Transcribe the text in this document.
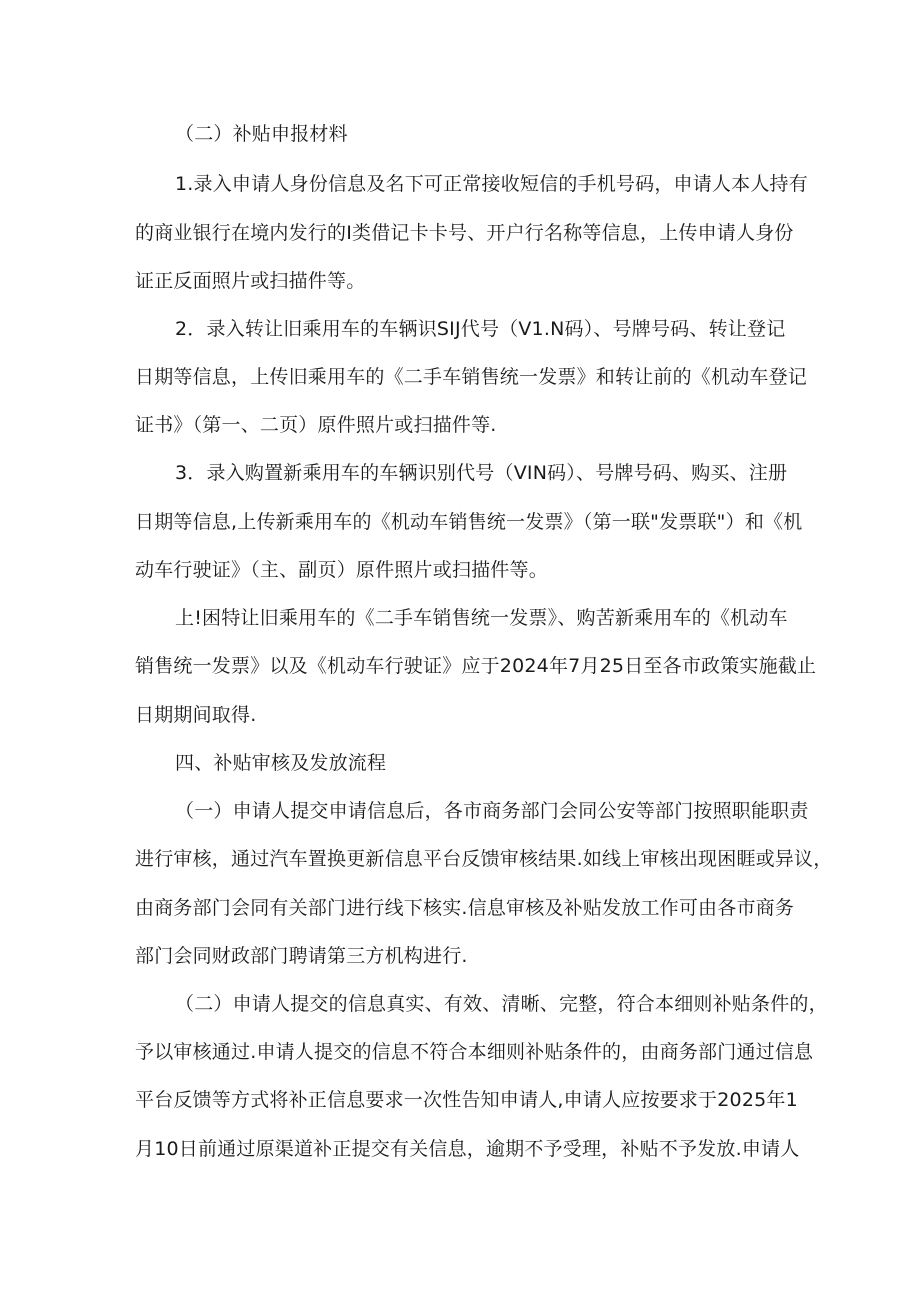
（二）补贴申报材料
1.录入申请人身份信息及名下可正常接收短信的手机号码，申请人本人持有
的商业银行在境内发行的I类借记卡卡号、开户行名称等信息，上传申请人身份
证正反面照片或扫描件等。
2．录入转让旧乘用车的车辆识SIJ代号（V1.N码）、号牌号码、转让登记
日期等信息，上传旧乘用车的《二手车销售统一发票》和转让前的《机动车登记
证书》（第一、二页）原件照片或扫描件等.
3．录入购置新乘用车的车辆识别代号（VIN码）、号牌号码、购买、注册
日期等信息,上传新乘用车的《机动车销售统一发票》（第一联"发票联"）和《机
动车行驶证》（主、副页）原件照片或扫描件等。
上!困特让旧乘用车的《二手车销售统一发票》、购苦新乘用车的《机动车
销售统一发票》以及《机动车行驶证》应于2024年7月25日至各市政策实施截止
日期期间取得.
四、补贴审核及发放流程
（一）申请人提交申请信息后，各市商务部门会同公安等部门按照职能职责
进行审核，通过汽车置换更新信息平台反馈审核结果.如线上审核出现困睚或异议，
由商务部门会同有关部门进行线下核实.信息审核及补贴发放工作可由各市商务
部门会同财政部门聘请第三方机构进行.
（二）申请人提交的信息真实、有效、清晰、完整，符合本细则补贴条件的，
予以审核通过.申请人提交的信息不符合本细则补贴条件的，由商务部门通过信息
平台反馈等方式将补正信息要求一次性告知申请人,申请人应按要求于2025年1
月10日前通过原渠道补正提交有关信息，逾期不予受理，补贴不予发放.申请人
